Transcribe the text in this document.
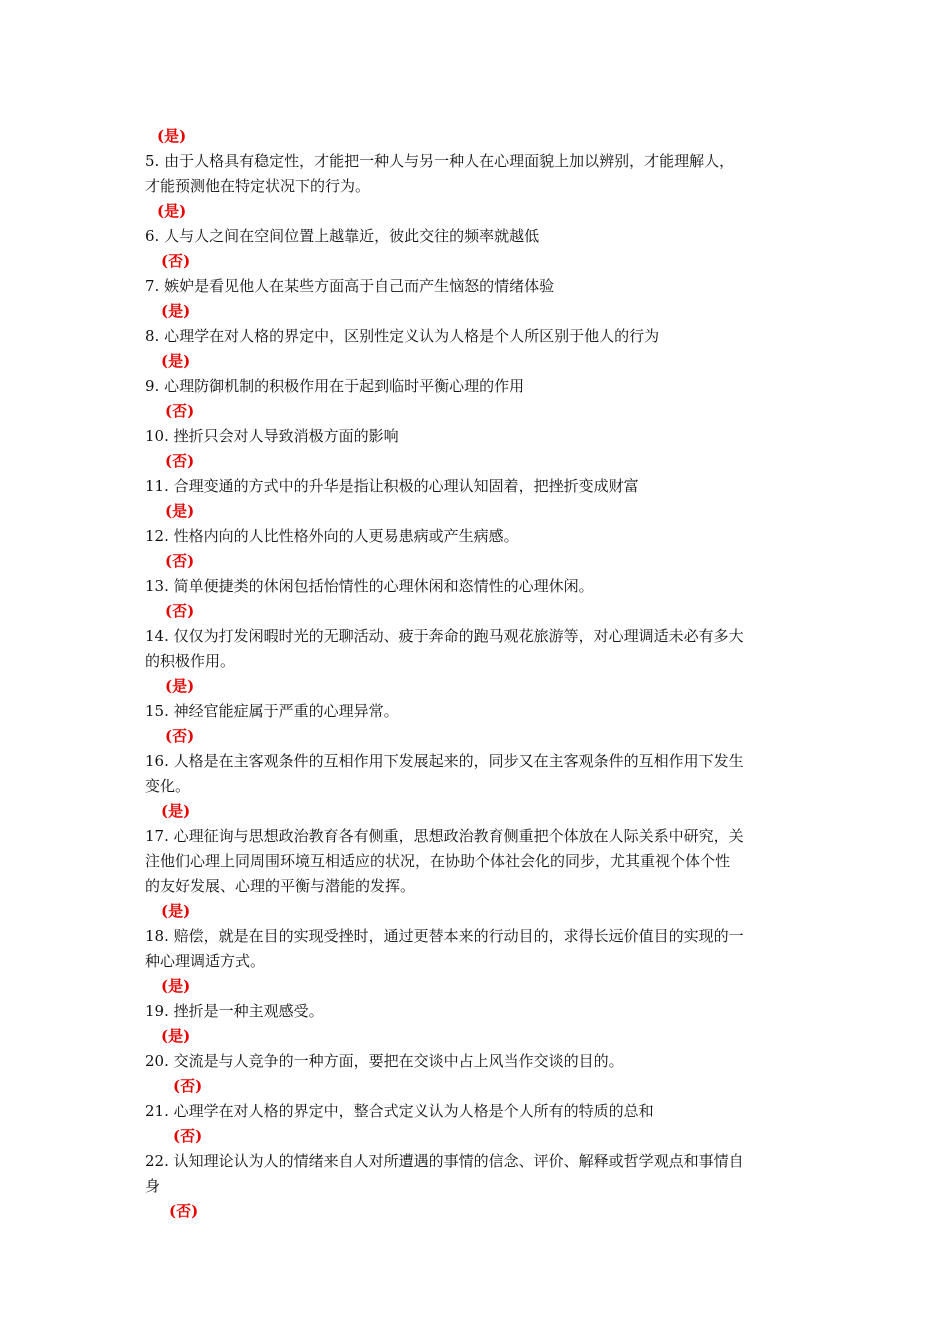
(是)
5. 由于人格具有稳定性，才能把一种人与另一种人在心理面貌上加以辨别，才能理解人，
才能预测他在特定状况下的行为。
(是)
6. 人与人之间在空间位置上越靠近，彼此交往的频率就越低
(否)
7. 嫉妒是看见他人在某些方面高于自己而产生恼怒的情绪体验
(是)
8. 心理学在对人格的界定中，区别性定义认为人格是个人所区别于他人的行为
(是)
9. 心理防御机制的积极作用在于起到临时平衡心理的作用
(否)
10. 挫折只会对人导致消极方面的影响
(否)
11. 合理变通的方式中的升华是指让积极的心理认知固着，把挫折变成财富
(是)
12. 性格内向的人比性格外向的人更易患病或产生病感。
(否)
13. 简单便捷类的休闲包括怡情性的心理休闲和恣情性的心理休闲。
(否)
14. 仅仅为打发闲暇时光的无聊活动、疲于奔命的跑马观花旅游等，对心理调适未必有多大
的积极作用。
(是)
15. 神经官能症属于严重的心理异常。
(否)
16. 人格是在主客观条件的互相作用下发展起来的，同步又在主客观条件的互相作用下发生
变化。
(是)
17. 心理征询与思想政治教育各有侧重，思想政治教育侧重把个体放在人际关系中研究，关
注他们心理上同周围环境互相适应的状况，在协助个体社会化的同步，尤其重视个体个性
的友好发展、心理的平衡与潜能的发挥。
(是)
18. 赔偿，就是在目的实现受挫时，通过更替本来的行动目的，求得长远价值目的实现的一
种心理调适方式。
(是)
19. 挫折是一种主观感受。
(是)
20. 交流是与人竞争的一种方面，要把在交谈中占上风当作交谈的目的。
(否)
21. 心理学在对人格的界定中，整合式定义认为人格是个人所有的特质的总和
(否)
22. 认知理论认为人的情绪来自人对所遭遇的事情的信念、评价、解释或哲学观点和事情自
身
(否)
